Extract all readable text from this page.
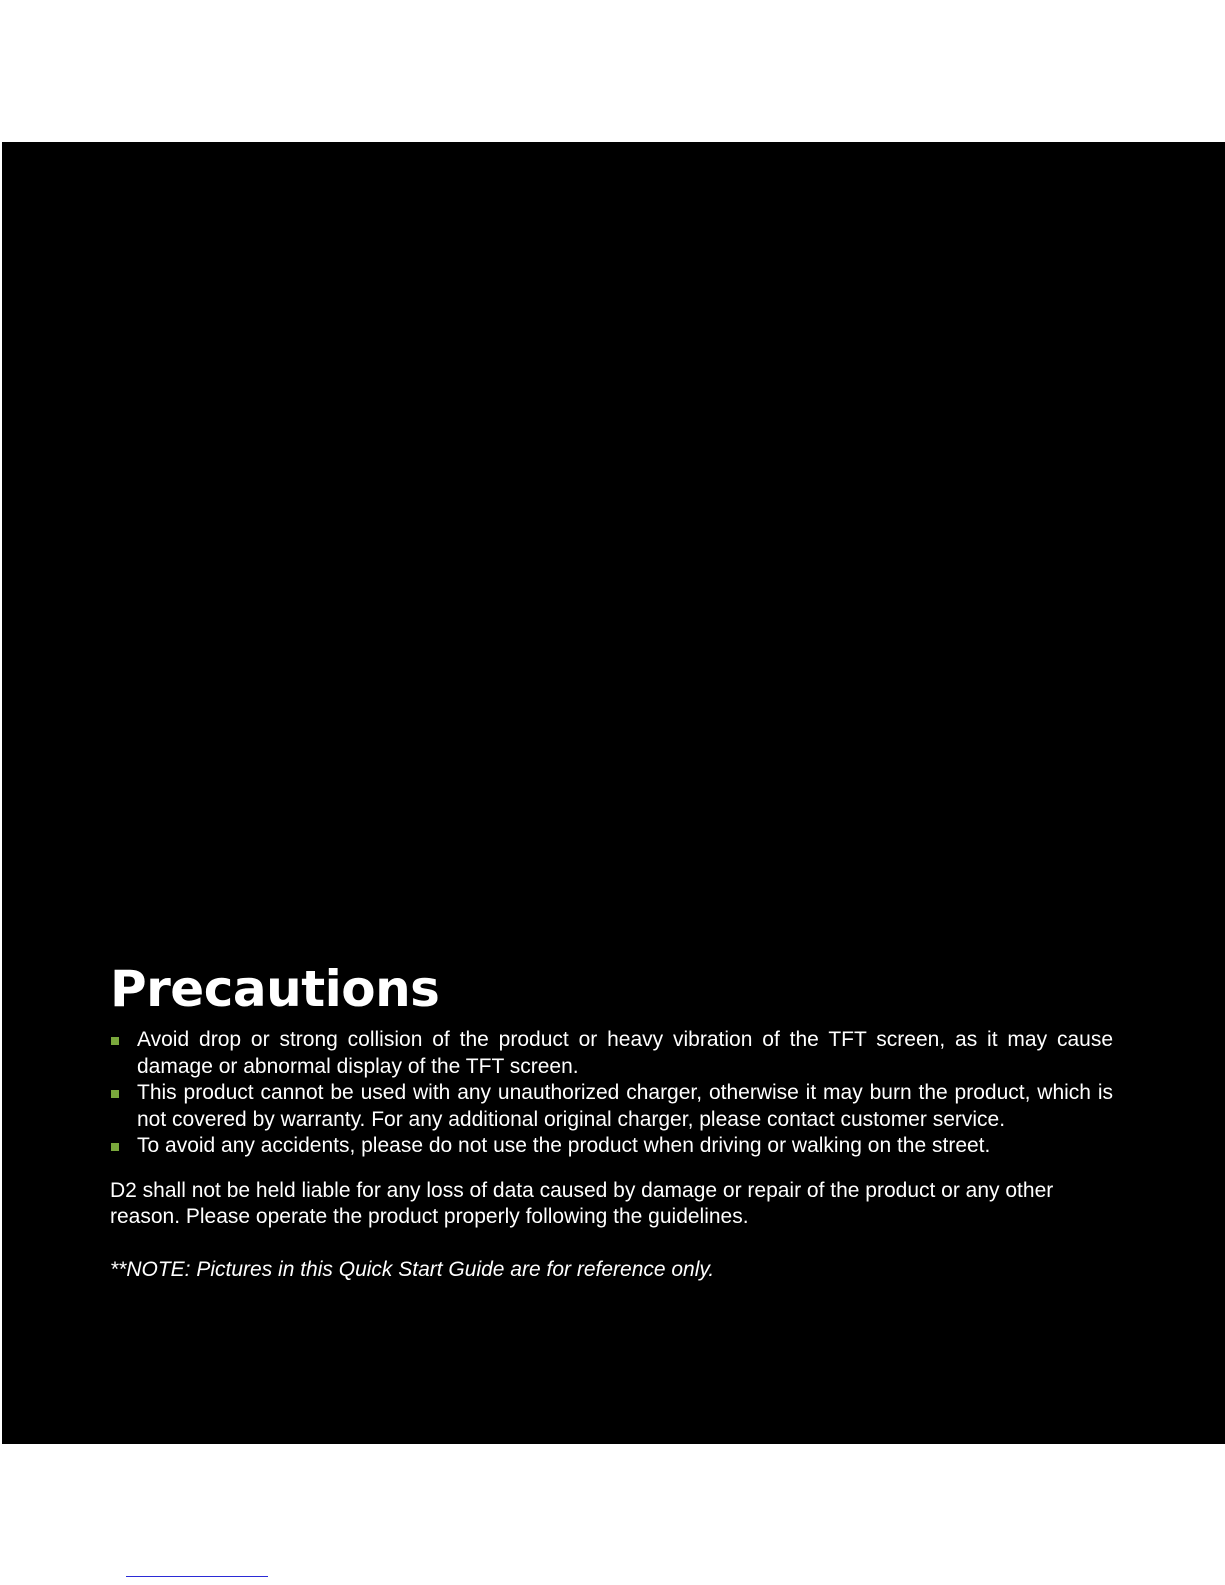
Precautions
Avoid drop or strong collision of the product or heavy vibration of the TFT screen, as it may cause damage or abnormal display of the TFT screen.
This product cannot be used with any unauthorized charger, otherwise it may burn the product, which is not covered by warranty. For any additional original charger, please contact customer service.
To avoid any accidents, please do not use the product when driving or walking on the street.

D2 shall not be held liable for any loss of data caused by damage or repair of the product or any other reason. Please operate the product properly following the guidelines.

**NOTE: Pictures in this Quick Start Guide are for reference only.
